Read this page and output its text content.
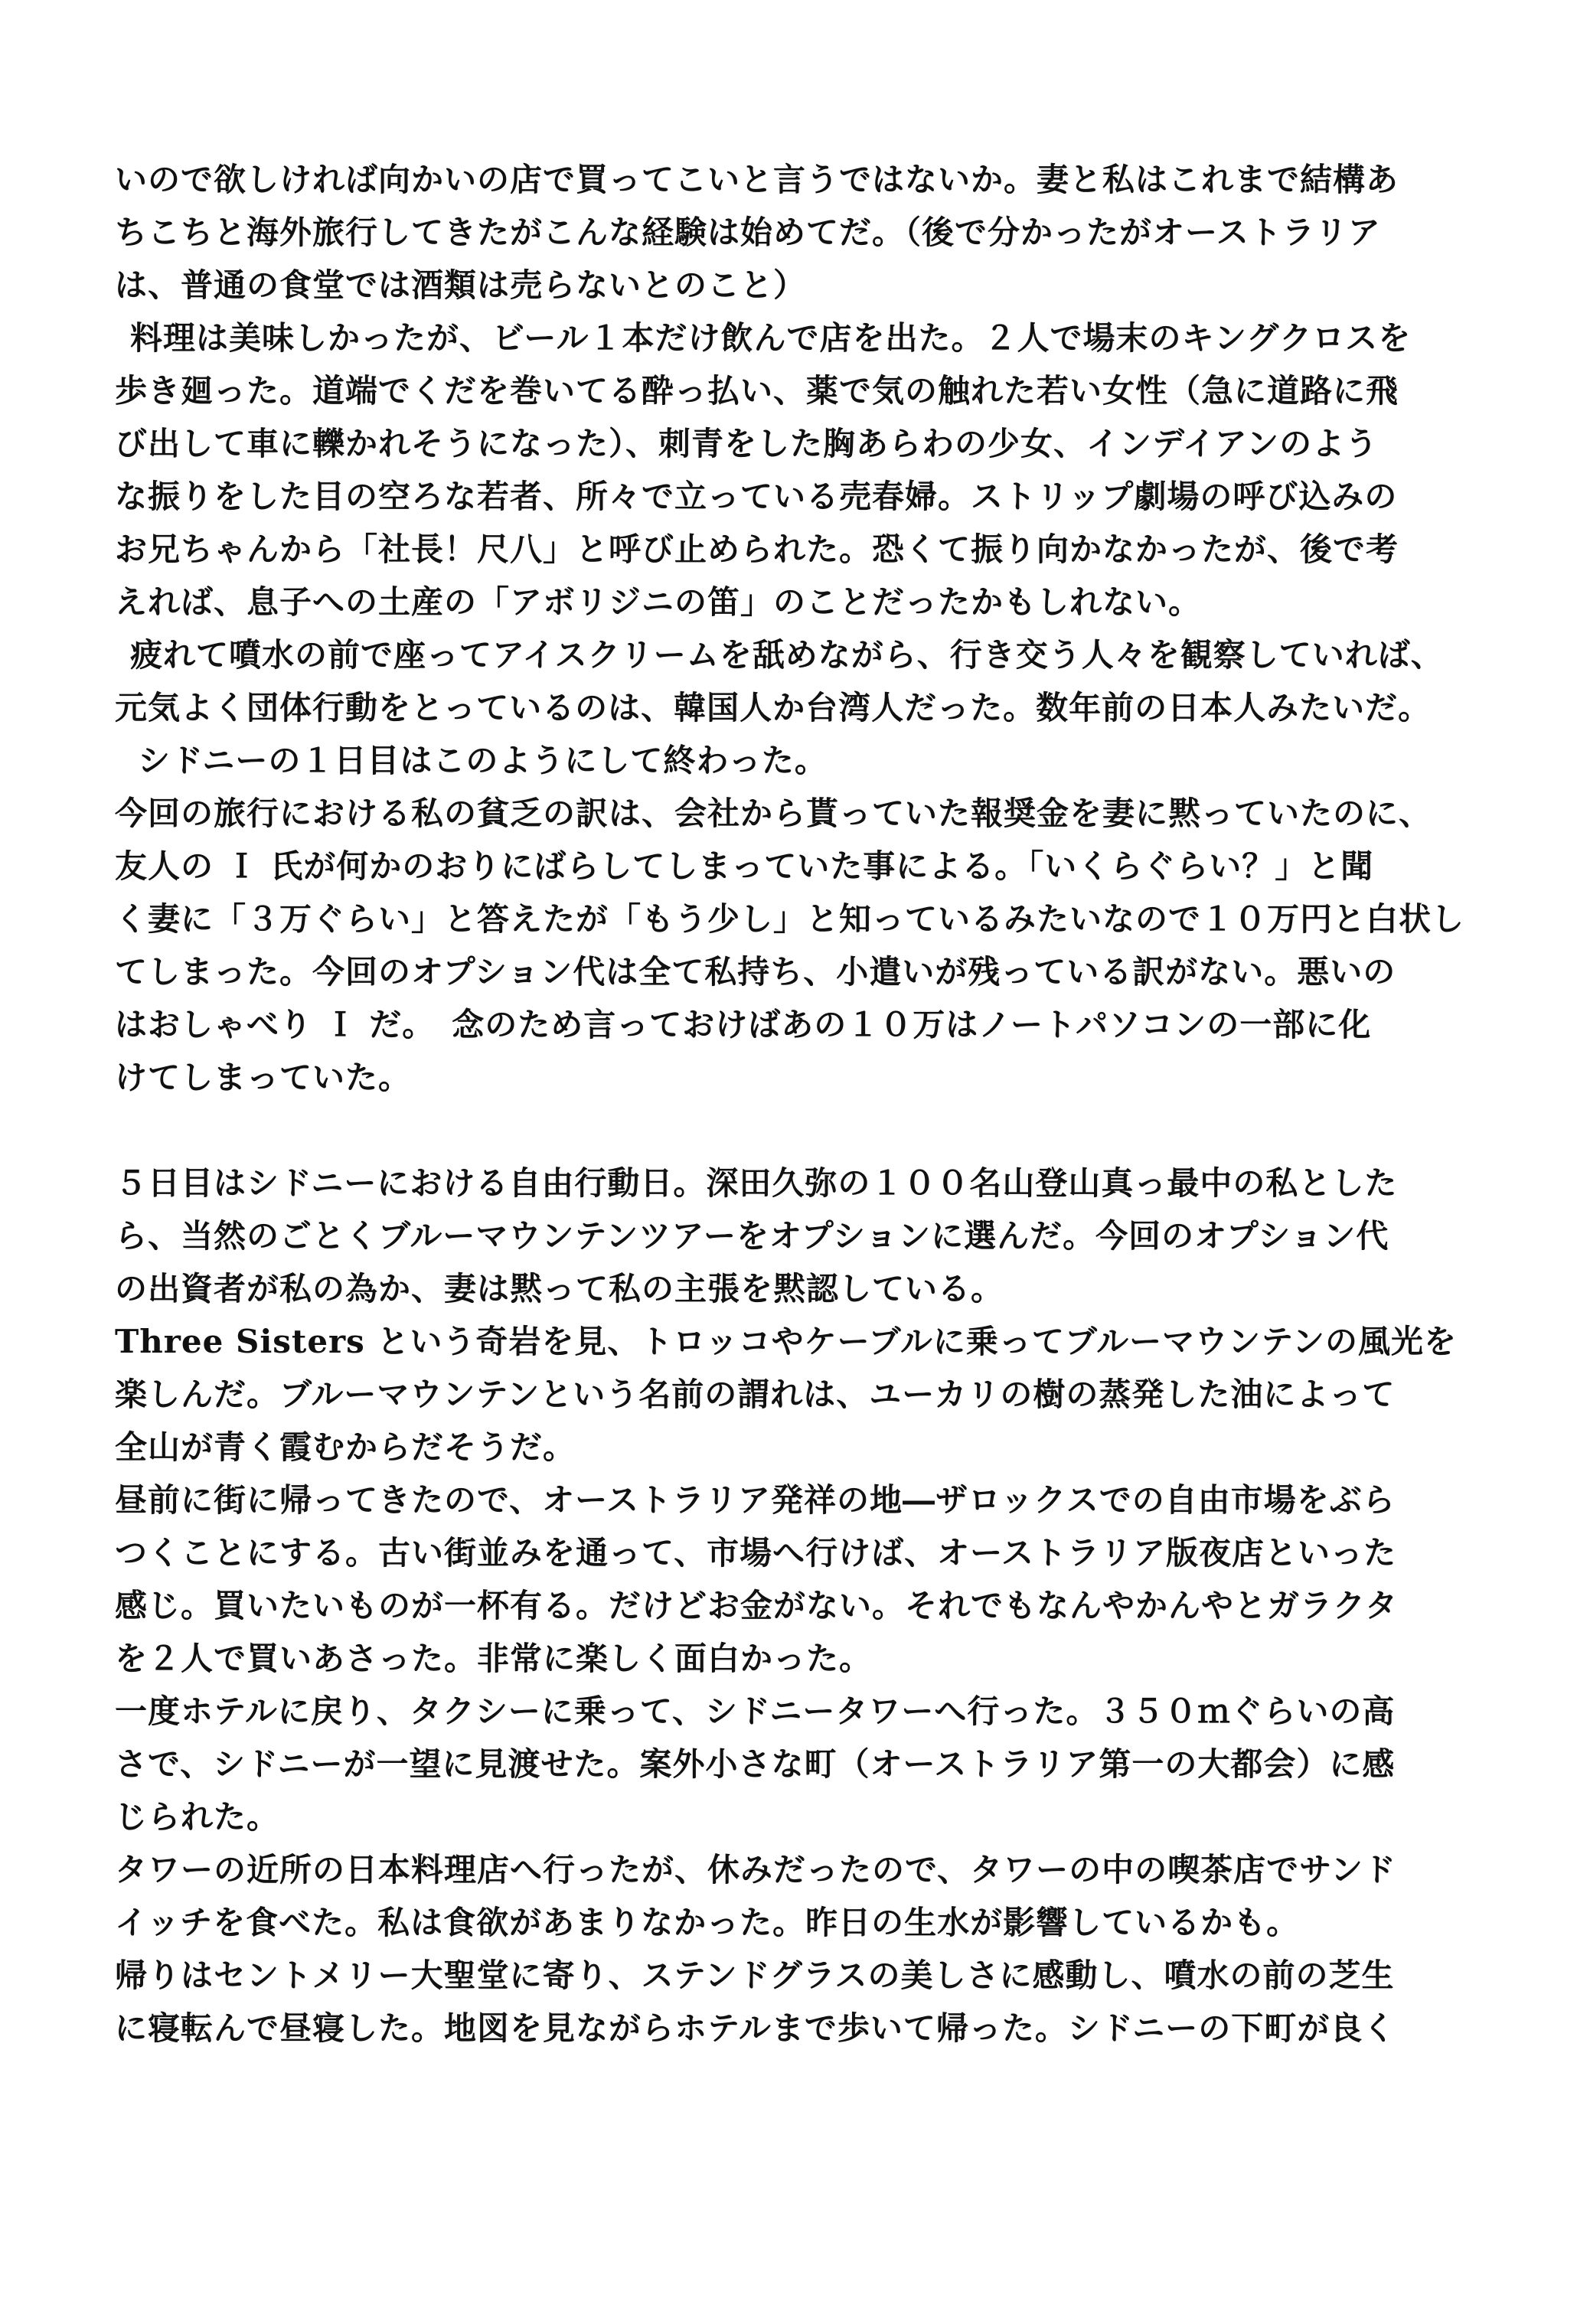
いので欲しければ向かいの店で買ってこいと言うではないか。妻と私はこれまで結構あ
ちこちと海外旅行してきたがこんな経験は始めてだ。（後で分かったがオーストラリア
は、普通の食堂では酒類は売らないとのこと）
料理は美味しかったが、ビール１本だけ飲んで店を出た。２人で場末のキングクロスを
歩き廻った。道端でくだを巻いてる酔っ払い、薬で気の触れた若い女性（急に道路に飛
び出して車に轢かれそうになった）、刺青をした胸あらわの少女、インデイアンのよう
な振りをした目の空ろな若者、所々で立っている売春婦。ストリップ劇場の呼び込みの
お兄ちゃんから「社長！尺八」と呼び止められた。恐くて振り向かなかったが、後で考
えれば、息子への土産の「アボリジニの笛」のことだったかもしれない。
疲れて噴水の前で座ってアイスクリームを舐めながら、行き交う人々を観察していれば、
元気よく団体行動をとっているのは、韓国人か台湾人だった。数年前の日本人みたいだ。
シドニーの１日目はこのようにして終わった。
今回の旅行における私の貧乏の訳は、会社から貰っていた報奨金を妻に黙っていたのに、
友人の Ｉ 氏が何かのおりにばらしてしまっていた事による。「いくらぐらい？」と聞
く妻に「３万ぐらい」と答えたが「もう少し」と知っているみたいなので１０万円と白状し
てしまった。今回のオプション代は全て私持ち、小遣いが残っている訳がない。悪いの
はおしゃべり Ｉ だ。　念のため言っておけばあの１０万はノートパソコンの一部に化
けてしまっていた。
５日目はシドニーにおける自由行動日。深田久弥の１００名山登山真っ最中の私とした
ら、当然のごとくブルーマウンテンツアーをオプションに選んだ。今回のオプション代
の出資者が私の為か、妻は黙って私の主張を黙認している。
Three Sisters という奇岩を見、トロッコやケーブルに乗ってブルーマウンテンの風光を
楽しんだ。ブルーマウンテンという名前の謂れは、ユーカリの樹の蒸発した油によって
全山が青く霞むからだそうだ。
昼前に街に帰ってきたので、オーストラリア発祥の地―ザロックスでの自由市場をぶら
つくことにする。古い街並みを通って、市場へ行けば、オーストラリア版夜店といった
感じ。買いたいものが一杯有る。だけどお金がない。それでもなんやかんやとガラクタ
を２人で買いあさった。非常に楽しく面白かった。
一度ホテルに戻り、タクシーに乗って、シドニータワーへ行った。３５０ｍぐらいの高
さで、シドニーが一望に見渡せた。案外小さな町（オーストラリア第一の大都会）に感
じられた。
タワーの近所の日本料理店へ行ったが、休みだったので、タワーの中の喫茶店でサンド
イッチを食べた。私は食欲があまりなかった。昨日の生水が影響しているかも。
帰りはセントメリー大聖堂に寄り、ステンドグラスの美しさに感動し、噴水の前の芝生
に寝転んで昼寝した。地図を見ながらホテルまで歩いて帰った。シドニーの下町が良く
